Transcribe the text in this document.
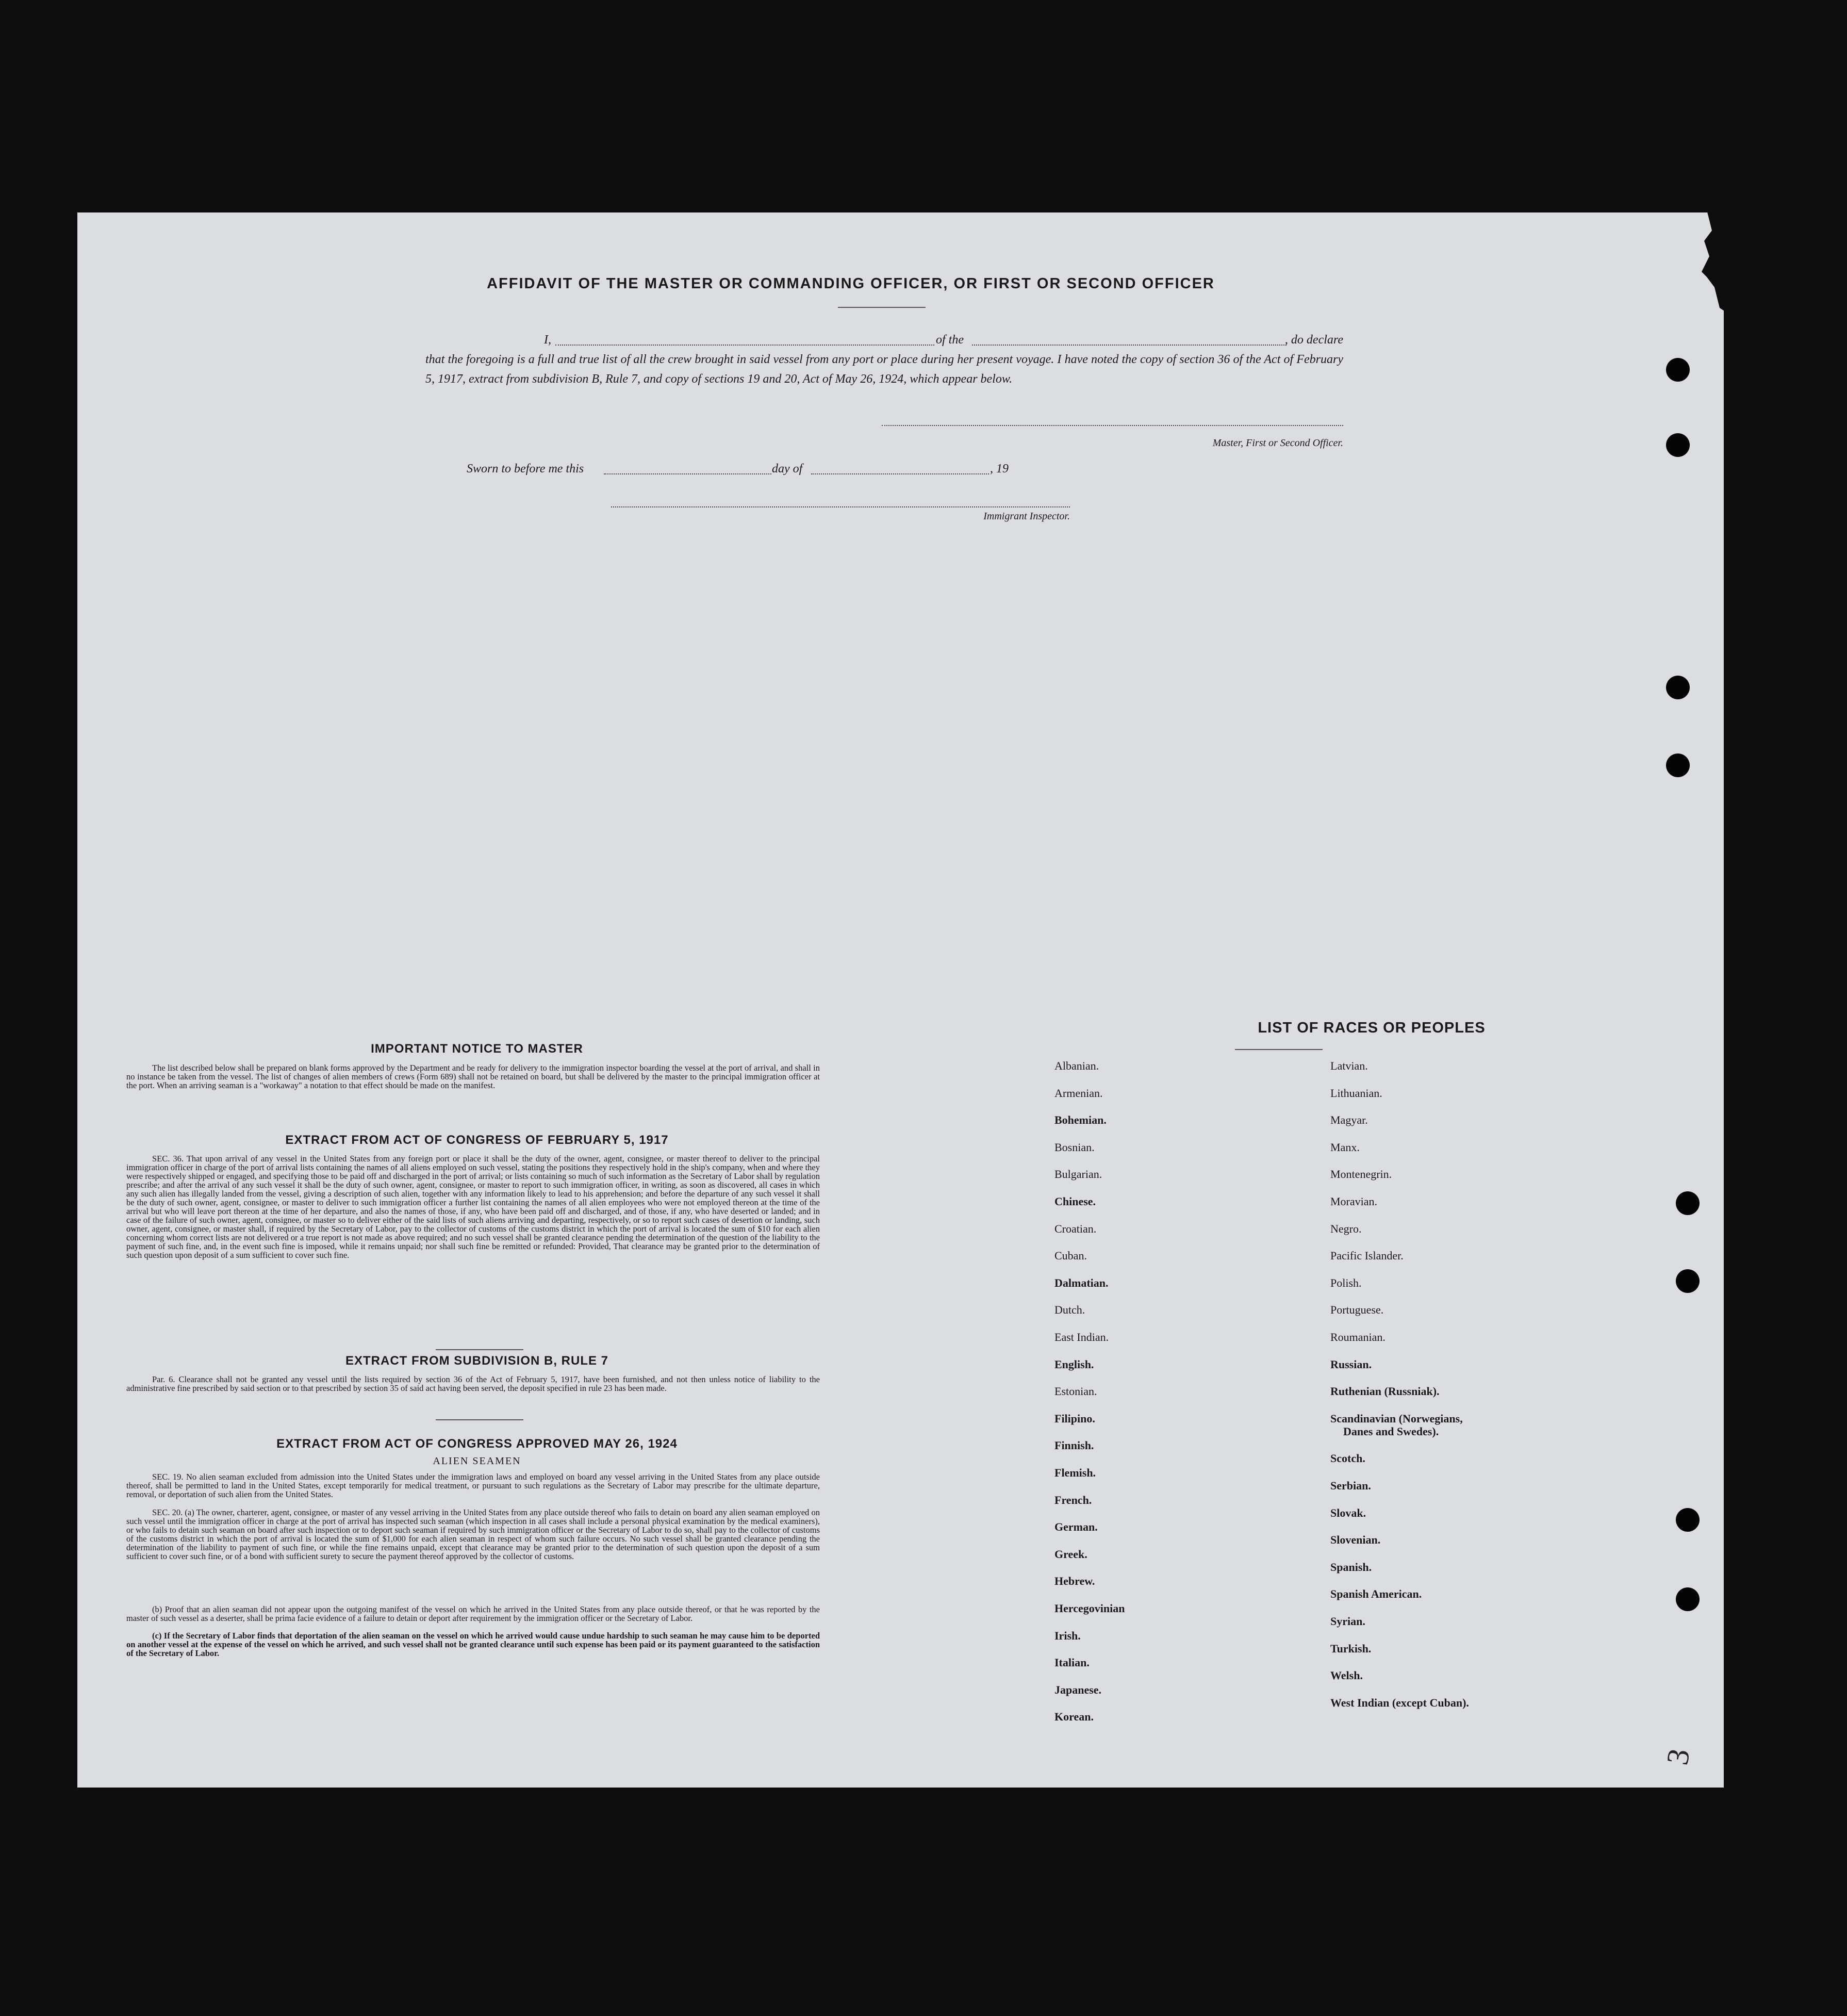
AFFIDAVIT OF THE MASTER OR COMMANDING OFFICER, OR FIRST OR SECOND OFFICER
I,	of the	, do declare
that the foregoing is a full and true list of all the crew brought in said vessel from any port or place during her present voyage. I have noted the copy of section 36 of the Act of February 5, 1917, extract from subdivision B, Rule 7, and copy of sections 19 and 20, Act of May 26, 1924, which appear below.
Master, First or Second Officer.
Sworn to before me this	day of	, 19
Immigrant Inspector.
IMPORTANT NOTICE TO MASTER
The list described below shall be prepared on blank forms approved by the Department and be ready for delivery to the immigration inspector boarding the vessel at the port of arrival, and shall in no instance be taken from the vessel. The list of changes of alien members of crews (Form 689) shall not be retained on board, but shall be delivered by the master to the principal immigration officer at the port. When an arriving seaman is a "workaway" a notation to that effect should be made on the manifest.
EXTRACT FROM ACT OF CONGRESS OF FEBRUARY 5, 1917
SEC. 36. That upon arrival of any vessel in the United States from any foreign port or place it shall be the duty of the owner, agent, consignee, or master thereof to deliver to the principal immigration officer in charge of the port of arrival lists containing the names of all aliens employed on such vessel, stating the positions they respectively hold in the ship's company, when and where they were respectively shipped or engaged, and specifying those to be paid off and discharged in the port of arrival; or lists containing so much of such information as the Secretary of Labor shall by regulation prescribe; and after the arrival of any such vessel it shall be the duty of such owner, agent, consignee, or master to report to such immigration officer, in writing, as soon as discovered, all cases in which any such alien has illegally landed from the vessel, giving a description of such alien, together with any information likely to lead to his apprehension; and before the departure of any such vessel it shall be the duty of such owner, agent, consignee, or master to deliver to such immigration officer a further list containing the names of all alien employees who were not employed thereon at the time of the arrival but who will leave port thereon at the time of her departure, and also the names of those, if any, who have been paid off and discharged, and of those, if any, who have deserted or landed; and in case of the failure of such owner, agent, consignee, or master so to deliver either of the said lists of such aliens arriving and departing, respectively, or so to report such cases of desertion or landing, such owner, agent, consignee, or master shall, if required by the Secretary of Labor, pay to the collector of customs of the customs district in which the port of arrival is located the sum of $10 for each alien concerning whom correct lists are not delivered or a true report is not made as above required; and no such vessel shall be granted clearance pending the determination of the question of the liability to the payment of such fine, and, in the event such fine is imposed, while it remains unpaid; nor shall such fine be remitted or refunded: Provided, That clearance may be granted prior to the determination of such question upon deposit of a sum sufficient to cover such fine.
EXTRACT FROM SUBDIVISION B, RULE 7
Par. 6. Clearance shall not be granted any vessel until the lists required by section 36 of the Act of February 5, 1917, have been furnished, and not then unless notice of liability to the administrative fine prescribed by said section or to that prescribed by section 35 of said act having been served, the deposit specified in rule 23 has been made.
EXTRACT FROM ACT OF CONGRESS APPROVED MAY 26, 1924
ALIEN SEAMEN
SEC. 19. No alien seaman excluded from admission into the United States under the immigration laws and employed on board any vessel arriving in the United States from any place outside thereof, shall be permitted to land in the United States, except temporarily for medical treatment, or pursuant to such regulations as the Secretary of Labor may prescribe for the ultimate departure, removal, or deportation of such alien from the United States.
SEC. 20. (a) The owner, charterer, agent, consignee, or master of any vessel arriving in the United States from any place outside thereof who fails to detain on board any alien seaman employed on such vessel until the immigration officer in charge at the port of arrival has inspected such seaman (which inspection in all cases shall include a personal physical examination by the medical examiners), or who fails to detain such seaman on board after such inspection or to deport such seaman if required by such immigration officer or the Secretary of Labor to do so, shall pay to the collector of customs of the customs district in which the port of arrival is located the sum of $1,000 for each alien seaman in respect of whom such failure occurs. No such vessel shall be granted clearance pending the determination of the liability to payment of such fine, or while the fine remains unpaid, except that clearance may be granted prior to the determination of such question upon the deposit of a sum sufficient to cover such fine, or of a bond with sufficient surety to secure the payment thereof approved by the collector of customs.
(b) Proof that an alien seaman did not appear upon the outgoing manifest of the vessel on which he arrived in the United States from any place outside thereof, or that he was reported by the master of such vessel as a deserter, shall be prima facie evidence of a failure to detain or deport after requirement by the immigration officer or the Secretary of Labor.
(c) If the Secretary of Labor finds that deportation of the alien seaman on the vessel on which he arrived would cause undue hardship to such seaman he may cause him to be deported on another vessel at the expense of the vessel on which he arrived, and such vessel shall not be granted clearance until such expense has been paid or its payment guaranteed to the satisfaction of the Secretary of Labor.
LIST OF RACES OR PEOPLES
3
Albanian.
Armenian.
Bohemian.
Bosnian.
Bulgarian.
Chinese.
Croatian.
Cuban.
Dalmatian.
Dutch.
East Indian.
English.
Estonian.
Filipino.
Finnish.
Flemish.
French.
German.
Greek.
Hebrew.
Hercegovinian
Irish.
Italian.
Japanese.
Korean.
Latvian.
Lithuanian.
Magyar.
Manx.
Montenegrin.
Moravian.
Negro.
Pacific Islander.
Polish.
Portuguese.
Roumanian.
Russian.
Ruthenian (Russniak).
Scandinavian (Norwegians,
Danes and Swedes).
Scotch.
Serbian.
Slovak.
Slovenian.
Spanish.
Spanish American.
Syrian.
Turkish.
Welsh.
West Indian (except Cuban).
